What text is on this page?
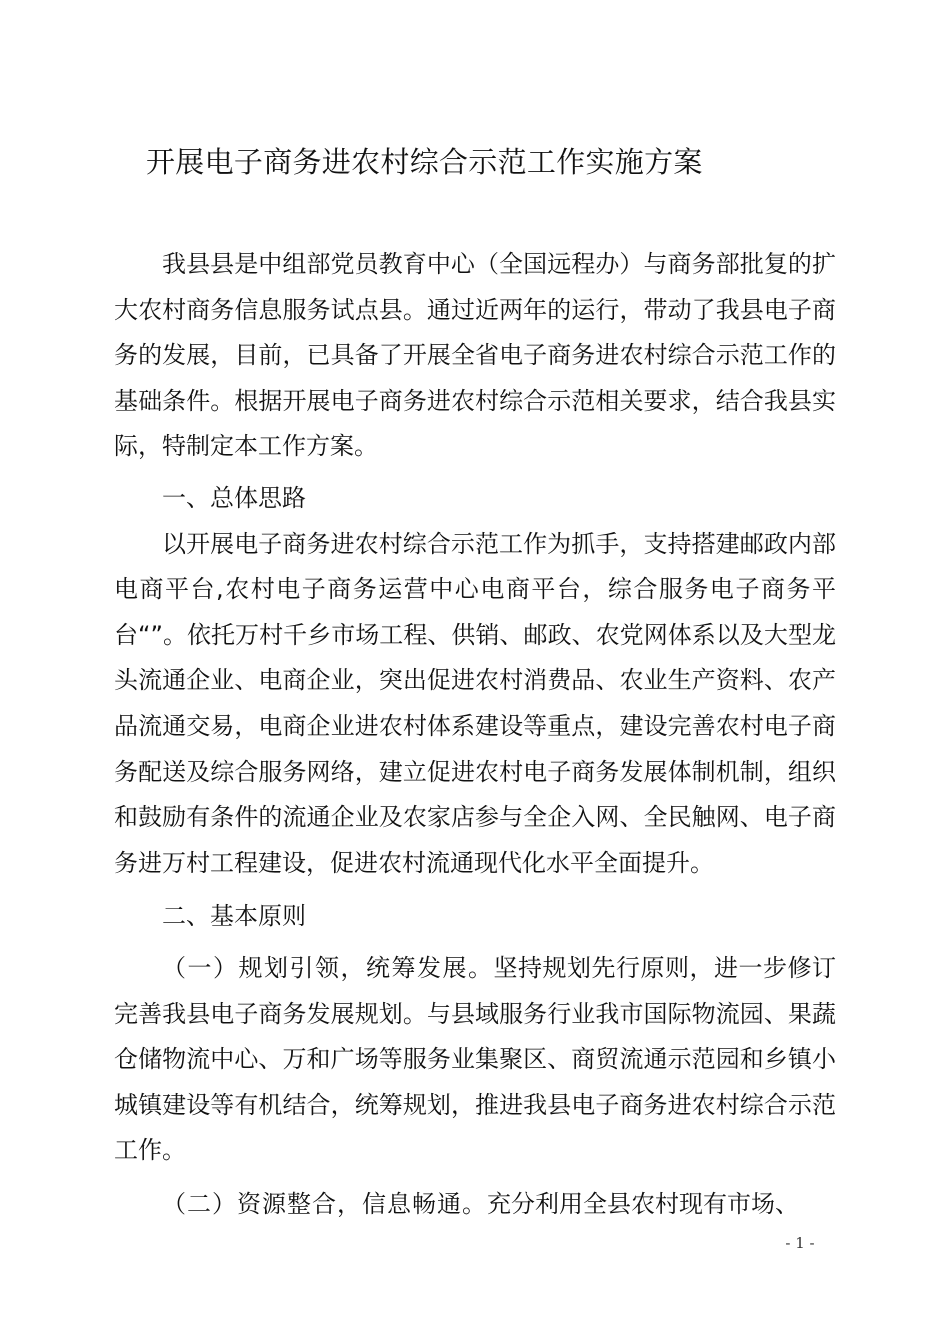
开展电子商务进农村综合示范工作实施方案

我县县是中组部党员教育中心（全国远程办）与商务部批复的扩大农村商务信息服务试点县。通过近两年的运行，带动了我县电子商务的发展，目前，已具备了开展全省电子商务进农村综合示范工作的基础条件。根据开展电子商务进农村综合示范相关要求，结合我县实际，特制定本工作方案。

一、总体思路

以开展电子商务进农村综合示范工作为抓手，支持搭建邮政内部电商平台,农村电子商务运营中心电商平台，综合服务电子商务平台“”。依托万村千乡市场工程、供销、邮政、农党网体系以及大型龙头流通企业、电商企业，突出促进农村消费品、农业生产资料、农产品流通交易，电商企业进农村体系建设等重点，建设完善农村电子商务配送及综合服务网络，建立促进农村电子商务发展体制机制，组织和鼓励有条件的流通企业及农家店参与全企入网、全民触网、电子商务进万村工程建设，促进农村流通现代化水平全面提升。

二、基本原则

（一）规划引领，统筹发展。坚持规划先行原则，进一步修订完善我县电子商务发展规划。与县域服务行业我市国际物流园、果蔬仓储物流中心、万和广场等服务业集聚区、商贸流通示范园和乡镇小城镇建设等有机结合，统筹规划，推进我县电子商务进农村综合示范工作。

（二）资源整合，信息畅通。充分利用全县农村现有市场、

- 1 -
